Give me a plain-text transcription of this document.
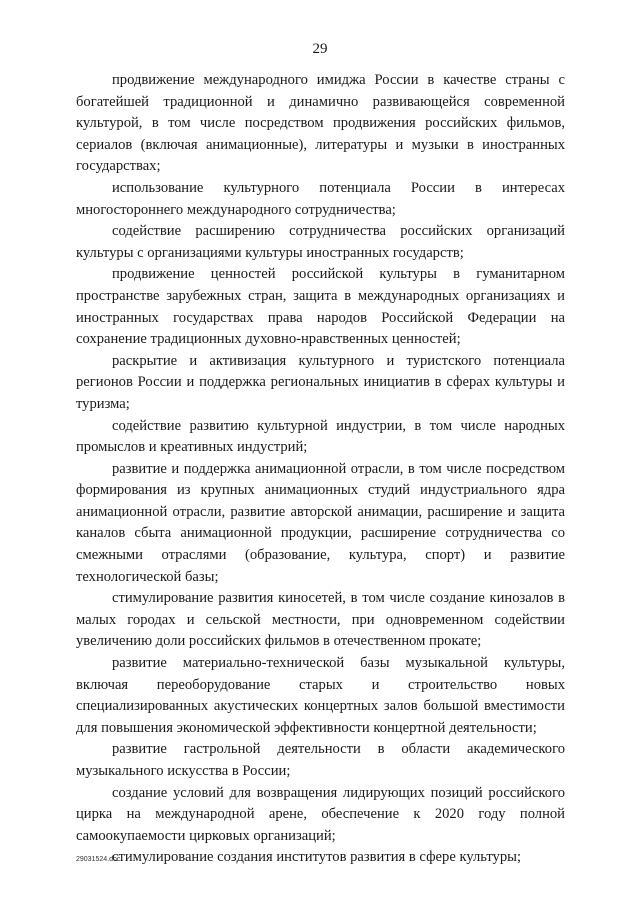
29

продвижение международного имиджа России в качестве страны с богатейшей традиционной и динамично развивающейся современной культурой, в том числе посредством продвижения российских фильмов, сериалов (включая анимационные), литературы и музыки в иностранных государствах;

использование культурного потенциала России в интересах многостороннего международного сотрудничества;

содействие расширению сотрудничества российских организаций культуры с организациями культуры иностранных государств;

продвижение ценностей российской культуры в гуманитарном пространстве зарубежных стран, защита в международных организациях и иностранных государствах права народов Российской Федерации на сохранение традиционных духовно-нравственных ценностей;

раскрытие и активизация культурного и туристского потенциала регионов России и поддержка региональных инициатив в сферах культуры и туризма;

содействие развитию культурной индустрии, в том числе народных промыслов и креативных индустрий;

развитие и поддержка анимационной отрасли, в том числе посредством формирования из крупных анимационных студий индустриального ядра анимационной отрасли, развитие авторской анимации, расширение и защита каналов сбыта анимационной продукции, расширение сотрудничества со смежными отраслями (образование, культура, спорт) и развитие технологической базы;

стимулирование развития киносетей, в том числе создание кинозалов в малых городах и сельской местности, при одновременном содействии увеличению доли российских фильмов в отечественном прокате;

развитие материально-технической базы музыкальной культуры, включая переоборудование старых и строительство новых специализированных акустических концертных залов большой вместимости для повышения экономической эффективности концертной деятельности;

развитие гастрольной деятельности в области академического музыкального искусства в России;

создание условий для возвращения лидирующих позиций российского цирка на международной арене, обеспечение к 2020 году полной самоокупаемости цирковых организаций;

стимулирование создания институтов развития в сфере культуры;

29031524.doc
